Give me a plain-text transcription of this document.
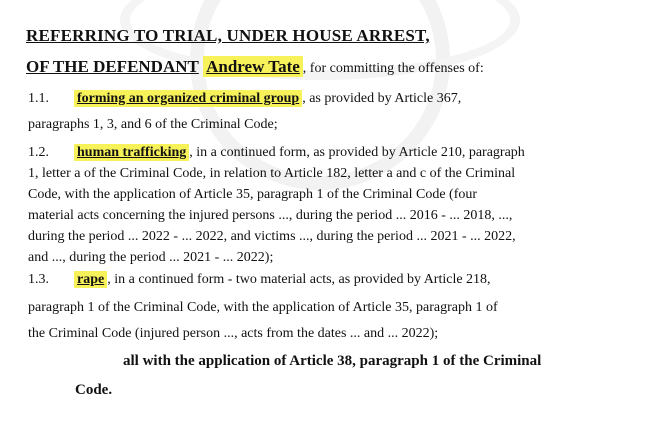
REFERRING TO TRIAL, UNDER HOUSE ARREST,
OF THE DEFENDANT Andrew Tate , for committing the offenses of:
1.1. forming an organized criminal group , as provided by Article 367,
paragraphs 1, 3, and 6 of the Criminal Code;
1.2. human trafficking , in a continued form, as provided by Article 210, paragraph
1, letter a of the Criminal Code, in relation to Article 182, letter a and c of the Criminal
Code, with the application of Article 35, paragraph 1 of the Criminal Code (four
material acts concerning the injured persons ..., during the period ... 2016 - ... 2018, ...,
during the period ... 2022 - ... 2022, and victims ..., during the period ... 2021 - ... 2022,
and ..., during the period ... 2021 - ... 2022);
1.3. rape , in a continued form - two material acts, as provided by Article 218,
paragraph 1 of the Criminal Code, with the application of Article 35, paragraph 1 of
the Criminal Code (injured person ..., acts from the dates ... and ... 2022);
all with the application of Article 38, paragraph 1 of the Criminal
Code.
